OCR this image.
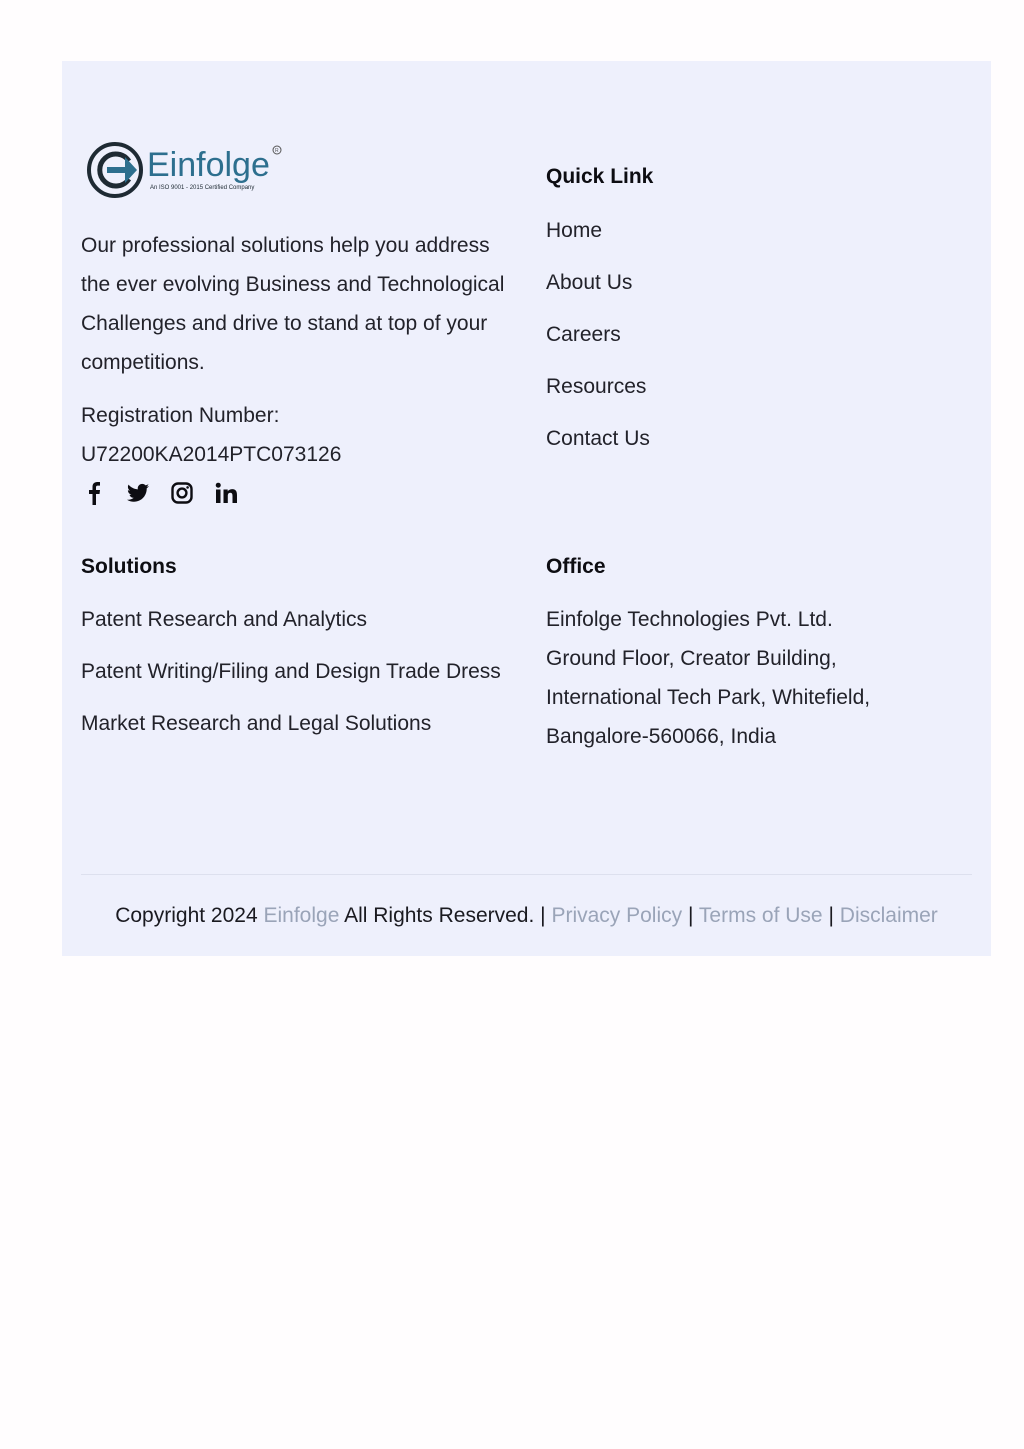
Einfolge R
An ISO 9001 - 2015 Certified Company

Our professional solutions help you address the ever evolving Business and Technological Challenges and drive to stand at top of your competitions.

Registration Number:
U72200KA2014PTC073126
Quick Link
Home
About Us
Careers
Resources
Contact Us
Solutions
Patent Research and Analytics
Patent Writing/Filing and Design Trade Dress
Market Research and Legal Solutions
Office
Einfolge Technologies Pvt. Ltd.
Ground Floor, Creator Building,
International Tech Park, Whitefield,
Bangalore-560066, India
Copyright 2024 Einfolge All Rights Reserved. | Privacy Policy | Terms of Use | Disclaimer
